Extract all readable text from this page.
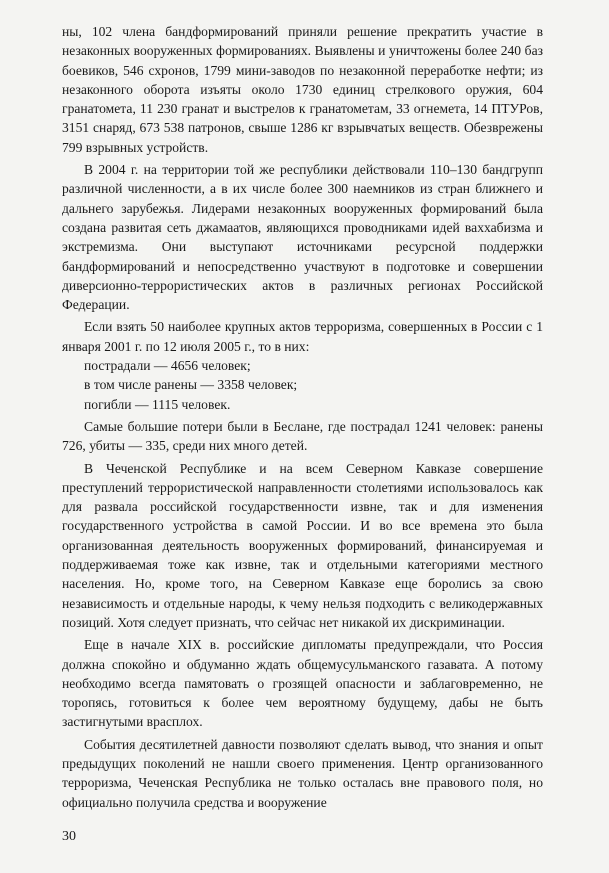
ны, 102 члена бандформирований приняли решение прекратить участие в незаконных вооруженных формированиях. Выявлены и уничтожены более 240 баз боевиков, 546 схронов, 1799 мини-заводов по незаконной переработке нефти; из незаконного оборота изъяты около 1730 единиц стрелкового оружия, 604 гранатомета, 11 230 гранат и выстрелов к гранатометам, 33 огнемета, 14 ПТУРов, 3151 снаряд, 673 538 патронов, свыше 1286 кг взрывчатых веществ. Обезврежены 799 взрывных устройств.

В 2004 г. на территории той же республики действовали 110–130 бандгрупп различной численности, а в их числе более 300 наемников из стран ближнего и дальнего зарубежья. Лидерами незаконных вооруженных формирований была создана развитая сеть джамаатов, являющихся проводниками идей ваххабизма и экстремизма. Они выступают источниками ресурсной поддержки бандформирований и непосредственно участвуют в подготовке и совершении диверсионно-террористических актов в различных регионах Российской Федерации.

Если взять 50 наиболее крупных актов терроризма, совершенных в России с 1 января 2001 г. по 12 июля 2005 г., то в них:

пострадали — 4656 человек;

в том числе ранены — 3358 человек;

погибли — 1115 человек.

Самые большие потери были в Беслане, где пострадал 1241 человек: ранены 726, убиты — 335, среди них много детей.

В Чеченской Республике и на всем Северном Кавказе совершение преступлений террористической направленности столетиями использовалось как для развала российской государственности извне, так и для изменения государственного устройства в самой России. И во все времена это была организованная деятельность вооруженных формирований, финансируемая и поддерживаемая тоже как извне, так и отдельными категориями местного населения. Но, кроме того, на Северном Кавказе еще боролись за свою независимость и отдельные народы, к чему нельзя подходить с великодержавных позиций. Хотя следует признать, что сейчас нет никакой их дискриминации.

Еще в начале XIX в. российские дипломаты предупреждали, что Россия должна спокойно и обдуманно ждать общемусульманского газавата. А потому необходимо всегда памятовать о грозящей опасности и заблаговременно, не торопясь, готовиться к более чем вероятному будущему, дабы не быть застигнутыми врасплох.

События десятилетней давности позволяют сделать вывод, что знания и опыт предыдущих поколений не нашли своего применения. Центр организованного терроризма, Чеченская Республика не только осталась вне правового поля, но официально получила средства и вооружение

30
